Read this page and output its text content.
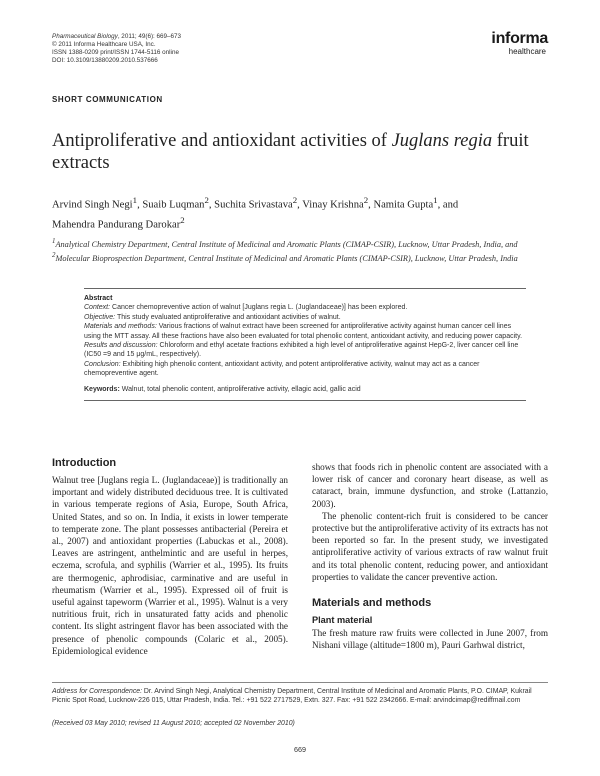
Pharmaceutical Biology, 2011; 49(6): 669–673
© 2011 Informa Healthcare USA, Inc.
ISSN 1388-0209 print/ISSN 1744-5116 online
DOI: 10.3109/13880209.2010.537666
informa
healthcare
SHORT COMMUNICATION
Antiproliferative and antioxidant activities of Juglans regia fruit extracts
Arvind Singh Negi$^1$, Suaib Luqman$^2$, Suchita Srivastava$^2$, Vinay Krishna$^2$, Namita Gupta$^1$, and
Mahendra Pandurang Darokar$^2$
$^1$Analytical Chemistry Department, Central Institute of Medicinal and Aromatic Plants (CIMAP-CSIR), Lucknow, Uttar Pradesh, India, and $^2$Molecular Bioprospection Department, Central Institute of Medicinal and Aromatic Plants (CIMAP-CSIR), Lucknow, Uttar Pradesh, India

Abstract

Context: Cancer chemopreventive action of walnut [Juglans regia L. (Juglandaceae)] has been explored.

Objective: This study evaluated antiproliferative and antioxidant activities of walnut.

Materials and methods: Various fractions of walnut extract have been screened for antiproliferative activity against human cancer cell lines using the MTT assay. All these fractions have also been evaluated for total phenolic content, antioxidant activity, and reducing power capacity.

Results and discussion: Chloroform and ethyl acetate fractions exhibited a high level of antiproliferative against HepG-2, liver cancer cell line (IC50 =9 and 15 μg/mL, respectively).

Conclusion: Exhibiting high phenolic content, antioxidant activity, and potent antiproliferative activity, walnut may act as a cancer chemopreventive agent.

Keywords: Walnut, total phenolic content, antiproliferative activity, ellagic acid, gallic acid

Introduction

Walnut tree [Juglans regia L. (Juglandaceae)] is traditionally an important and widely distributed deciduous tree. It is cultivated in various temperate regions of Asia, Europe, South Africa, United States, and so on. In India, it exists in lower temperate to temperate zone. The plant possesses antibacterial (Pereira et al., 2007) and antioxidant properties (Labuckas et al., 2008). Leaves are astringent, anthelmintic and are useful in herpes, eczema, scrofula, and syphilis (Warrier et al., 1995). Its fruits are thermogenic, aphrodisiac, carminative and are useful in rheumatism (Warrier et al., 1995). Expressed oil of fruit is useful against tapeworm (Warrier et al., 1995). Walnut is a very nutritious fruit, rich in unsaturated fatty acids and phenolic content. Its slight astringent flavor has been associated with the presence of phenolic compounds (Colaric et al., 2005). Epidemiological evidence

shows that foods rich in phenolic content are associated with a lower risk of cancer and coronary heart disease, as well as cataract, brain, immune dysfunction, and stroke (Lattanzio, 2003).

The phenolic content-rich fruit is considered to be cancer protective but the antiproliferative activity of its extracts has not been reported so far. In the present study, we investigated antiproliferative activity of various extracts of raw walnut fruit and its total phenolic content, reducing power, and antioxidant properties to validate the cancer preventive action.

Materials and methods
Plant material

The fresh mature raw fruits were collected in June 2007, from Nishani village (altitude=1800 m), Pauri Garhwal district,

Address for Correspondence: Dr. Arvind Singh Negi, Analytical Chemistry Department, Central Institute of Medicinal and Aromatic Plants, P.O. CIMAP, Kukrail Picnic Spot Road, Lucknow-226 015, Uttar Pradesh, India. Tel.: +91 522 2717529, Extn. 327. Fax: +91 522 2342666. E-mail: arvindcimap@rediffmail.com
(Received 03 May 2010; revised 11 August 2010; accepted 02 November 2010)
669
